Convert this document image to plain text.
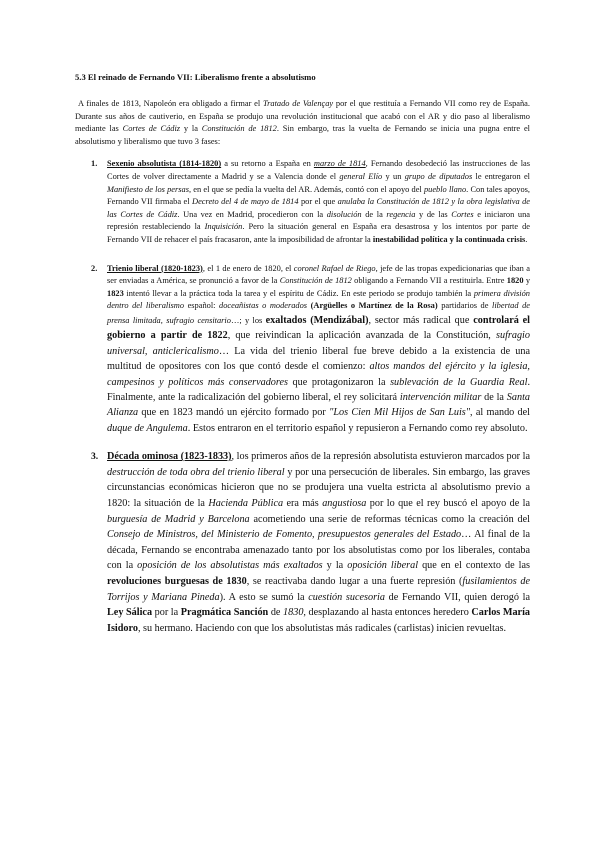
5.3 El reinado de Fernando VII: Liberalismo frente a absolutismo

A finales de 1813, Napoleón era obligado a firmar el Tratado de Valençay por el que restituía a Fernando VII como rey de España. Durante sus años de cautiverio, en España se produjo una revolución institucional que acabó con el AR y dio paso al liberalismo mediante las Cortes de Cádiz y la Constitución de 1812. Sin embargo, tras la vuelta de Fernando se inicia una pugna entre el absolutismo y liberalismo que tuvo 3 fases:

1. Sexenio absolutista (1814-1820) a su retorno a España en marzo de 1814, Fernando desobedeció las instrucciones de las Cortes de volver directamente a Madrid y se a Valencia donde el general Elío y un grupo de diputados le entregaron el Manifiesto de los persas, en el que se pedía la vuelta del AR. Además, contó con el apoyo del pueblo llano. Con tales apoyos, Fernando VII firmaba el Decreto del 4 de mayo de 1814 por el que anulaba la Constitución de 1812 y la obra legislativa de las Cortes de Cádiz. Una vez en Madrid, procedieron con la disolución de la regencia y de las Cortes e iniciaron una represión restableciendo la Inquisición. Pero la situación general en España era desastrosa y los intentos por parte de Fernando VII de rehacer el país fracasaron, ante la imposibilidad de afrontar la inestabilidad política y la continuada crisis.
2. Trienio liberal (1820-1823), el 1 de enero de 1820, el coronel Rafael de Riego, jefe de las tropas expedicionarias que iban a ser enviadas a América, se pronunció a favor de la Constitución de 1812 obligando a Fernando VII a restituirla. Entre 1820 y 1823 intentó llevar a la práctica toda la tarea y el espíritu de Cádiz. En este periodo se produjo también la primera división dentro del liberalismo español: doceañistas o moderados (Argüelles o Martínez de la Rosa) partidarios de libertad de prensa limitada, sufragio censitario…; y los exaltados (Mendizábal), sector más radical que controlará el gobierno a partir de 1822, que reivindican la aplicación avanzada de la Constitución, sufragio universal, anticlericalismo… La vida del trienio liberal fue breve debido a la existencia de una multitud de opositores con los que contó desde el comienzo: altos mandos del ejército y la iglesia, campesinos y políticos más conservadores que protagonizaron la sublevación de la Guardia Real. Finalmente, ante la radicalización del gobierno liberal, el rey solicitará intervención militar de la Santa Alianza que en 1823 mandó un ejército formado por "Los Cien Mil Hijos de San Luis", al mando del duque de Angulema. Estos entraron en el territorio español y repusieron a Fernando como rey absoluto.
3. Década ominosa (1823-1833), los primeros años de la represión absolutista estuvieron marcados por la destrucción de toda obra del trienio liberal y por una persecución de liberales. Sin embargo, las graves circunstancias económicas hicieron que no se produjera una vuelta estricta al absolutismo previo a 1820: la situación de la Hacienda Pública era más angustiosa por lo que el rey buscó el apoyo de la burguesía de Madrid y Barcelona acometiendo una serie de reformas técnicas como la creación del Consejo de Ministros, del Ministerio de Fomento, presupuestos generales del Estado… Al final de la década, Fernando se encontraba amenazado tanto por los absolutistas como por los liberales, contaba con la oposición de los absolutistas más exaltados y la oposición liberal que en el contexto de las revoluciones burguesas de 1830, se reactivaba dando lugar a una fuerte represión (fusilamientos de Torrijos y Mariana Pineda). A esto se sumó la cuestión sucesoria de Fernando VII, quien derogó la Ley Sálica por la Pragmática Sanción de 1830, desplazando al hasta entonces heredero Carlos María Isidoro, su hermano. Haciendo con que los absolutistas más radicales (carlistas) inicien revueltas.
